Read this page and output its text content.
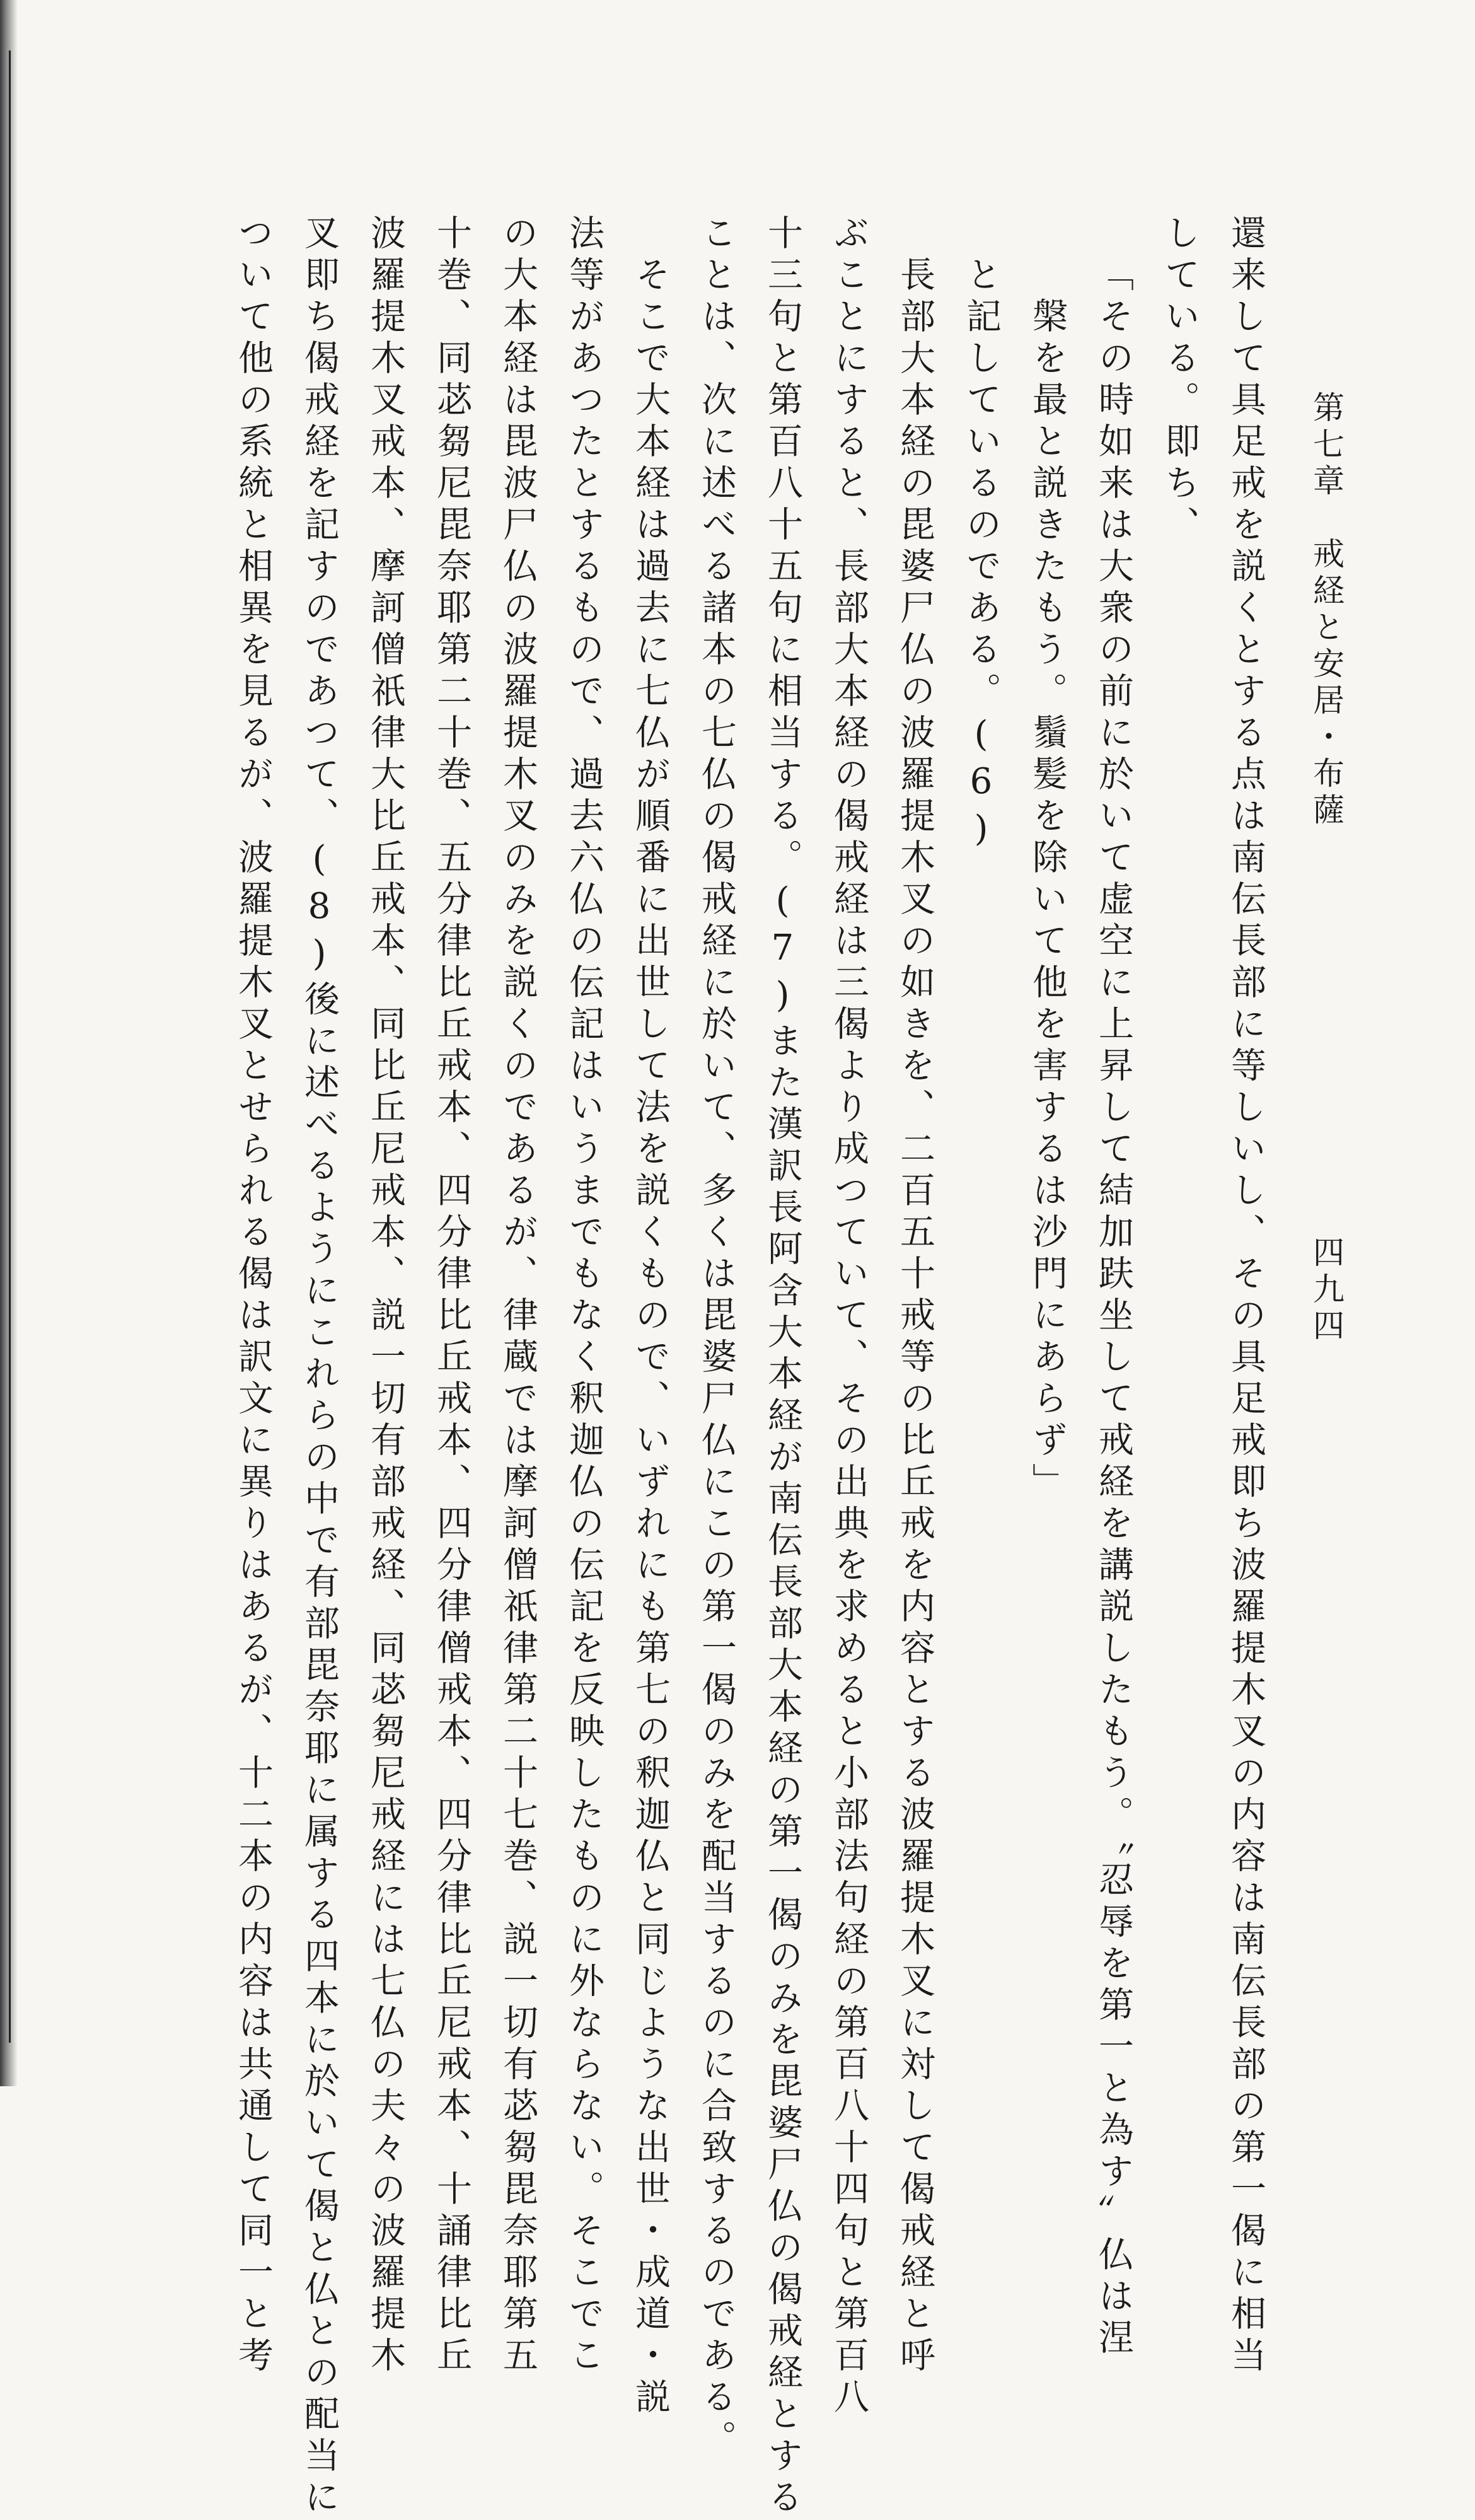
第七章　戒経と安居・布薩
四九四
還来して具足戒を説くとする点は南伝長部に等しいし、その具足戒即ち波羅提木叉の内容は南伝長部の第一偈に相当
している。即ち、
「その時如来は大衆の前に於いて虚空に上昇して結加趺坐して戒経を講説したもう。〝忍辱を第一と為す〟仏は涅
槃を最と説きたもう。鬚髪を除いて他を害するは沙門にあらず」
と記しているのである。(6)
長部大本経の毘婆尸仏の波羅提木叉の如きを、二百五十戒等の比丘戒を内容とする波羅提木叉に対して偈戒経と呼
ぶことにすると、長部大本経の偈戒経は三偈より成つていて、その出典を求めると小部法句経の第百八十四句と第百八
十三句と第百八十五句に相当する。(7)また漢訳長阿含大本経が南伝長部大本経の第一偈のみを毘婆尸仏の偈戒経とする
ことは、次に述べる諸本の七仏の偈戒経に於いて、多くは毘婆尸仏にこの第一偈のみを配当するのに合致するのである。
そこで大本経は過去に七仏が順番に出世して法を説くもので、いずれにも第七の釈迦仏と同じような出世・成道・説
法等があつたとするもので、過去六仏の伝記はいうまでもなく釈迦仏の伝記を反映したものに外ならない。そこでこ
の大本経は毘波尸仏の波羅提木叉のみを説くのであるが、律蔵では摩訶僧祇律第二十七巻、説一切有苾芻毘奈耶第五
十巻、同苾芻尼毘奈耶第二十巻、五分律比丘戒本、四分律比丘戒本、四分律僧戒本、四分律比丘尼戒本、十誦律比丘
波羅提木叉戒本、摩訶僧祇律大比丘戒本、同比丘尼戒本、説一切有部戒経、同苾芻尼戒経には七仏の夫々の波羅提木
叉即ち偈戒経を記すのであつて、(8)後に述べるようにこれらの中で有部毘奈耶に属する四本に於いて偈と仏との配当に
ついて他の系統と相異を見るが、波羅提木叉とせられる偈は訳文に異りはあるが、十二本の内容は共通して同一と考
